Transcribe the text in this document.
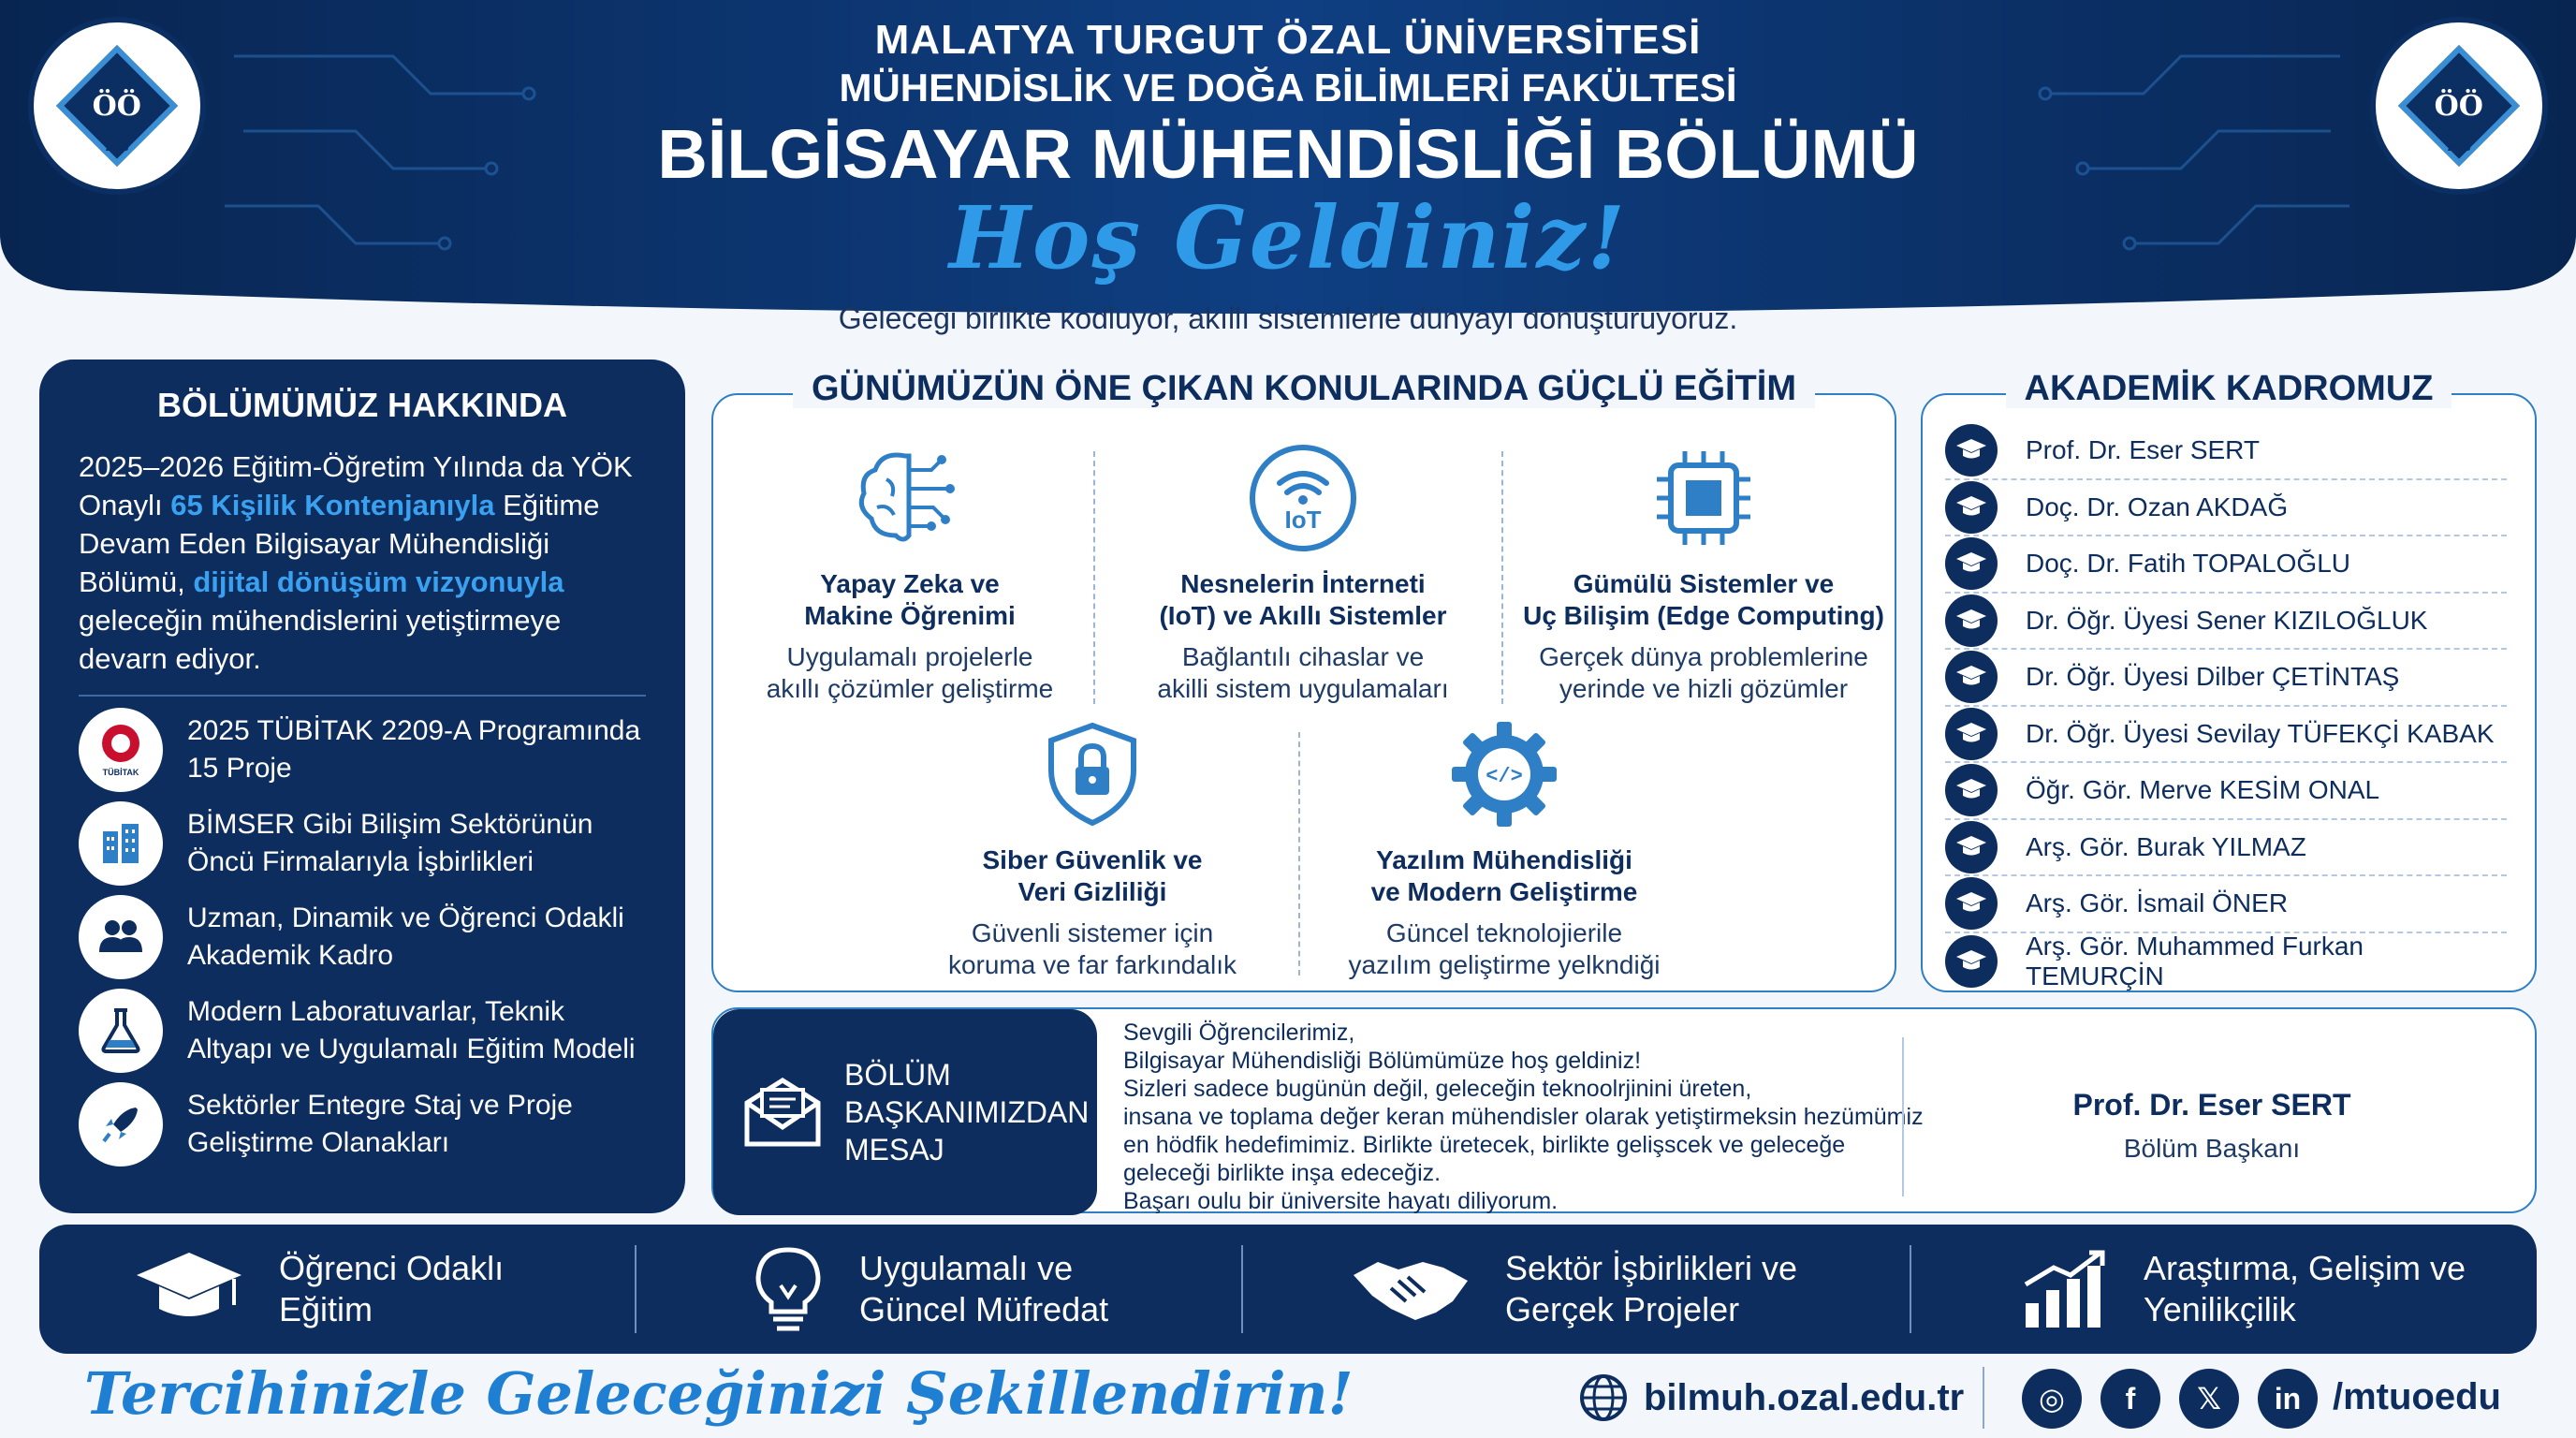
ÖÖ
2018
ÖÖ
2018
MALATYA TURGUT ÖZAL ÜNİVERSİTESİ
MÜHENDİSLİK VE DOĞA BİLİMLERİ FAKÜLTESİ
BİLGİSAYAR MÜHENDİSLİĞİ BÖLÜMÜ
Hoş Geldiniz!
Geleceği birlikte kodluyor, akıllı sistemlerle dünyayı dönüştürüyoruz.
BÖLÜMÜMÜZ HAKKINDA
2025–2026 Eğitim-Öğretim Yılında da YÖK Onaylı 65 Kişilik Kontenjanıyla Eğitime Devam Eden Bilgisayar Mühendisliği Bölümü, dijital dönüşüm vizyonuyla geleceğin mühendislerini yetiştirmeye devarn ediyor.
TÜBİTAK
2025 TÜBİTAK 2209-A Programında 15 Proje
BİMSER Gibi Bilişim Sektörünün Öncü Firmalarıyla İşbirlikleri
Uzman, Dinamik ve Öğrenci Odakli Akademik Kadro
Modern Laboratuvarlar, Teknik Altyapı ve Uygulamalı Eğitim Modeli
Sektörler Entegre Staj ve Proje Geliştirme Olanakları
GÜNÜMÜZÜN ÖNE ÇIKAN KONULARINDA GÜÇLÜ EĞİTİM
Yapay Zeka ve
Makine Öğrenimi
Uygulamalı projelerle
akıllı çözümler geliştirme
IoT
Nesnelerin İnterneti
(IoT) ve Akıllı Sistemler
Bağlantılı cihaslar ve
akilli sistem uygulamaları
Gümülü Sistemler ve
Uç Bilişim (Edge Computing)
Gerçek dünya problemlerine
yerinde ve hizli gözümler
Siber Güvenlik ve
Veri Gizliliği
Güvenli sistemer için
koruma ve far farkındalık
</>
Yazılım Mühendisliği
ve Modern Geliştirme
Güncel teknolojierile
yazılım geliştirme yelkndiği
AKADEMİK KADROMUZ
Prof. Dr. Eser SERT
Doç. Dr. Ozan AKDAĞ
Doç. Dr. Fatih TOPALOĞLU
Dr. Öğr. Üyesi Sener KIZILOĞLUK
Dr. Öğr. Üyesi Dilber ÇETİNTAŞ
Dr. Öğr. Üyesi Sevilay TÜFEKÇİ KABAK
Öğr. Gör. Merve KESİM ONAL
Arş. Gör. Burak YILMAZ
Arş. Gör. İsmail ÖNER
Arş. Gör. Muhammed Furkan TEMURÇİN
BÖLÜM
BAŞKANIMIZDAN
MESAJ
Sevgili Öğrencilerimiz,
Bilgisayar Mühendisliği Bölümümüze hoş geldiniz!
Sizleri sadece bugünün değil, geleceğin teknoolrjinini üreten,
insana ve toplama değer keran mühendisler olarak yetiştirmeksin hezümümiz
en hödfik hedefimimiz. Birlikte üretecek, birlikte gelişscek ve geleceğe
geleceği birlikte inşa edeceğiz.
Başarı oulu bir üniversite hayatı diliyorum.
Prof. Dr. Eser SERT
Bölüm Başkanı
Öğrenci Odaklı
Eğitim
Uygulamalı ve
Güncel Müfredat
Sektör İşbirlikleri ve
Gerçek Projeler
Araştırma, Gelişim ve
Yenilikçilik
Tercihinizle Geleceğinizi Şekillendirin!	bilmuh.ozal.edu.tr	◎	f	𝕏	in /mtuoedu
